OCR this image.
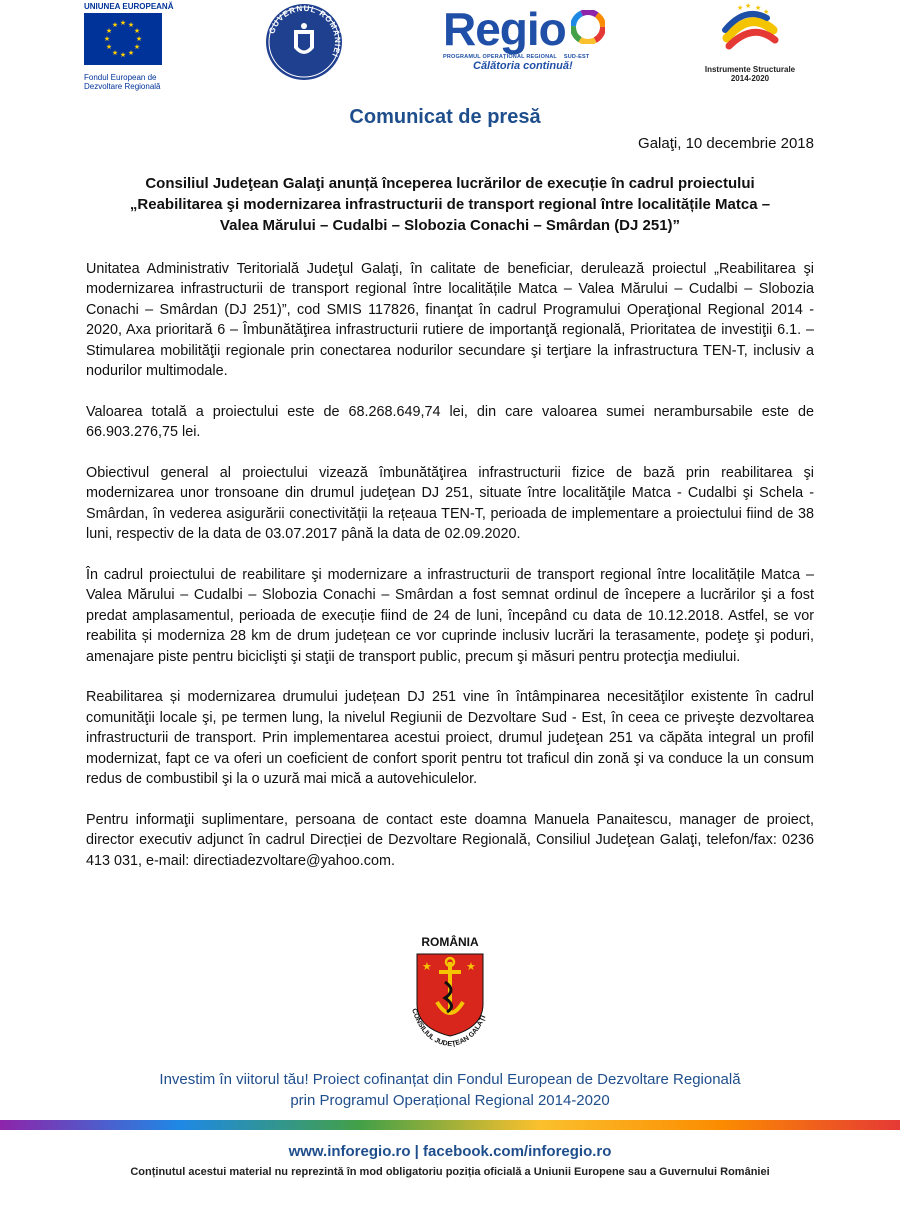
UNIUNEA EUROPEANĂ
★ ★
★
★
★
★
★
★
★
★
★
★
Fondul European de
Dezvoltare Regională
GUVERNUL ROMÂNIEI
Regio
PROGRAMUL OPERAȚIONAL REGIONAL SUD-EST
Călătoria continuă!
★ ★ ★
★
Instrumente Structurale
2014-2020
Comunicat de presă
Galaţi, 10 decembrie 2018
Consiliul Judeţean Galaţi anunță începerea lucrărilor de execuție în cadrul proiectului „Reabilitarea şi modernizarea infrastructurii de transport regional între localitățile Matca – Valea Mărului – Cudalbi – Slobozia Conachi – Smârdan (DJ 251)”

Unitatea Administrativ Teritorială Judeţul Galaţi, în calitate de beneficiar, derulează proiectul „Reabilitarea şi modernizarea infrastructurii de transport regional între localitățile Matca – Valea Mărului – Cudalbi – Slobozia Conachi – Smârdan (DJ 251)”, cod SMIS 117826, finanţat în cadrul Programului Operaţional Regional 2014 - 2020, Axa prioritară 6 – Îmbunătăţirea infrastructurii rutiere de importanţă regională, Prioritatea de investiţii 6.1. – Stimularea mobilităţii regionale prin conectarea nodurilor secundare şi terţiare la infrastructura TEN-T, inclusiv a nodurilor multimodale.

Valoarea totală a proiectului este de 68.268.649,74 lei, din care valoarea sumei nerambursabile este de 66.903.276,75 lei.

Obiectivul general al proiectului vizează îmbunătăţirea infrastructurii fizice de bază prin reabilitarea şi modernizarea unor tronsoane din drumul judeţean DJ 251, situate între localităţile Matca - Cudalbi şi Schela - Smârdan, în vederea asigurării conectivității la rețeaua TEN-T, perioada de implementare a proiectului fiind de 38 luni, respectiv de la data de 03.07.2017 până la data de 02.09.2020.

În cadrul proiectului de reabilitare şi modernizare a infrastructurii de transport regional între localitățile Matca – Valea Mărului – Cudalbi – Slobozia Conachi – Smârdan a fost semnat ordinul de începere a lucrărilor şi a fost predat amplasamentul, perioada de execuție fiind de 24 de luni, începând cu data de 10.12.2018. Astfel, se vor reabilita și moderniza 28 km de drum județean ce vor cuprinde inclusiv lucrări la terasamente, podeţe şi poduri, amenajare piste pentru biciclişti şi staţii de transport public, precum şi măsuri pentru protecţia mediului.

Reabilitarea și modernizarea drumului județean DJ 251 vine în întâmpinarea necesităţilor existente în cadrul comunităţii locale şi, pe termen lung, la nivelul Regiunii de Dezvoltare Sud - Est, în ceea ce priveşte dezvoltarea infrastructurii de transport. Prin implementarea acestui proiect, drumul judeţean 251 va căpăta integral un profil modernizat, fapt ce va oferi un coeficient de confort sporit pentru tot traficul din zonă şi va conduce la un consum redus de combustibil şi la o uzură mai mică a autovehiculelor.

Pentru informaţii suplimentare, persoana de contact este doamna Manuela Panaitescu, manager de proiect, director executiv adjunct în cadrul Direcției de Dezvoltare Regională, Consiliul Judeţean Galaţi, telefon/fax: 0236 413 031, e-mail: directiadezvoltare@yahoo.com.

ROMÂNIA
★	★
CONSILIUL JUDEŢEAN GALAŢI
Investim în viitorul tău! Proiect cofinanțat din Fondul European de Dezvoltare Regională
prin Programul Operațional Regional 2014-2020
www.inforegio.ro | facebook.com/inforegio.ro
Conținutul acestui material nu reprezintă în mod obligatoriu poziția oficială a Uniunii Europene sau a Guvernului României
